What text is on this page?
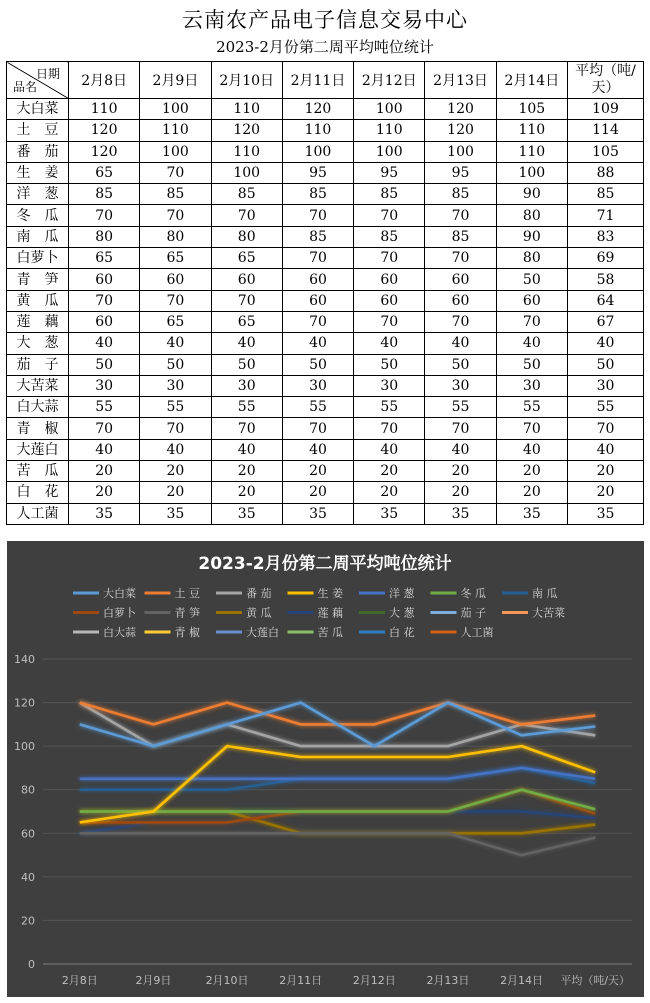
云南农产品电子信息交易中心
2023-2月份第二周平均吨位统计
日期
品名	2月8日	2月9日	2月10日	2月11日	2月12日	2月13日	2月14日	平均（吨/天）
大白菜	110	100	110	120	100	120	105	109
土　豆	120	110	120	110	110	120	110	114
番　茄	120	100	110	100	100	100	110	105
生　姜	65	70	100	95	95	95	100	88
洋　葱	85	85	85	85	85	85	90	85
冬　瓜	70	70	70	70	70	70	80	71
南　瓜	80	80	80	85	85	85	90	83
白萝卜	65	65	65	70	70	70	80	69
青　笋	60	60	60	60	60	60	50	58
黄　瓜	70	70	70	60	60	60	60	64
莲　藕	60	65	65	70	70	70	70	67
大　葱	40	40	40	40	40	40	40	40
茄　子	50	50	50	50	50	50	50	50
大苦菜	30	30	30	30	30	30	30	30
白大蒜	55	55	55	55	55	55	55	55
青　椒	70	70	70	70	70	70	70	70
大莲白	40	40	40	40	40	40	40	40
苦　瓜	20	20	20	20	20	20	20	20
白　花	20	20	20	20	20	20	20	20
人工菌	35	35	35	35	35	35	35	35
2023-2月份第二周平均吨位统计
大白菜	土 豆	番 茄	生 姜	洋 葱	冬 瓜	南 瓜
白萝卜	青 笋	黄 瓜	莲 藕	大 葱	茄 子	大苦菜
白大蒜	青 椒	大莲白	苦 瓜	白 花	人工菌
0
20
40
60
80
100
120
140
2月8日	2月9日	2月10日	2月11日	2月12日	2月13日	2月14日 平均（吨/天）
